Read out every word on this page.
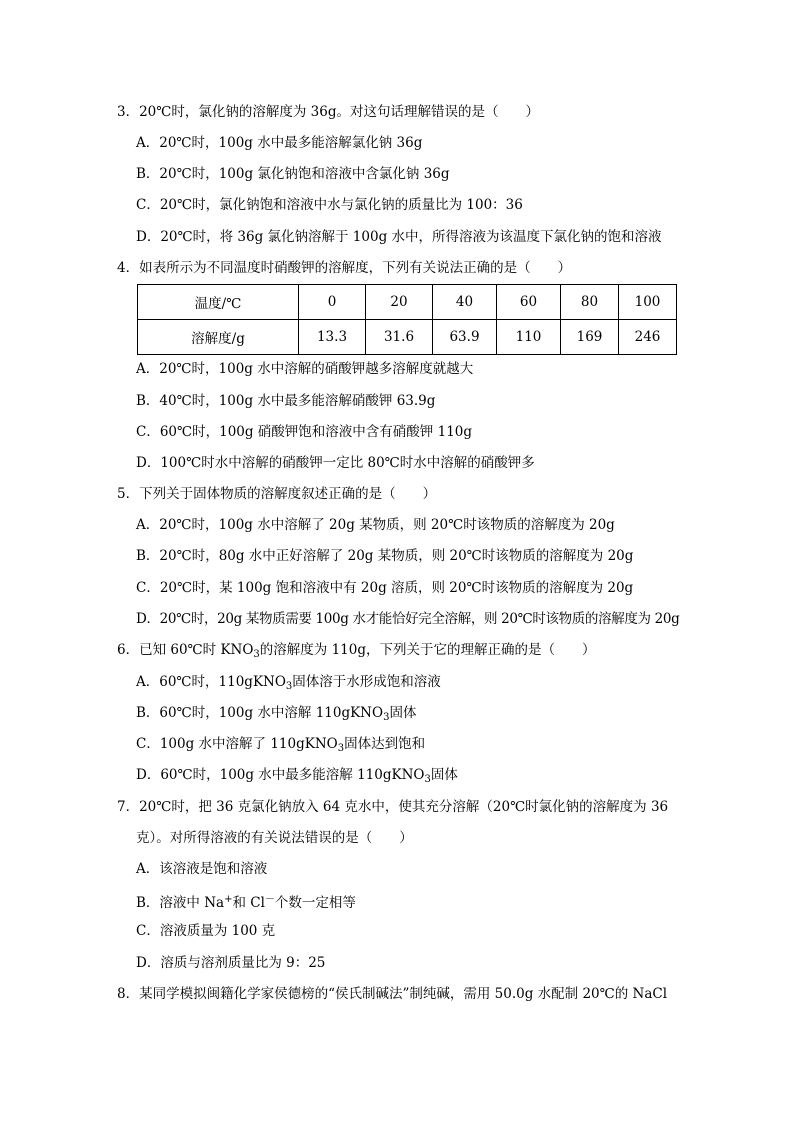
3．20℃时，氯化钠的溶解度为 36g。对这句话理解错误的是（　　）
A．20℃时，100g 水中最多能溶解氯化钠 36g
B．20℃时，100g 氯化钠饱和溶液中含氯化钠 36g
C．20℃时，氯化钠饱和溶液中水与氯化钠的质量比为 100：36
D．20℃时，将 36g 氯化钠溶解于 100g 水中，所得溶液为该温度下氯化钠的饱和溶液
4．如表所示为不同温度时硝酸钾的溶解度，下列有关说法正确的是（　　）
温度/℃	0	20	40	60	80	100
溶解度/g	13.3	31.6	63.9	110	169	246
A．20℃时，100g 水中溶解的硝酸钾越多溶解度就越大
B．40℃时，100g 水中最多能溶解硝酸钾 63.9g
C．60℃时，100g 硝酸钾饱和溶液中含有硝酸钾 110g
D．100℃时水中溶解的硝酸钾一定比 80℃时水中溶解的硝酸钾多
5．下列关于固体物质的溶解度叙述正确的是（　　）
A．20℃时，100g 水中溶解了 20g 某物质，则 20℃时该物质的溶解度为 20g
B．20℃时，80g 水中正好溶解了 20g 某物质，则 20℃时该物质的溶解度为 20g
C．20℃时，某 100g 饱和溶液中有 20g 溶质，则 20℃时该物质的溶解度为 20g
D．20℃时，20g 某物质需要 100g 水才能恰好完全溶解，则 20℃时该物质的溶解度为 20g
6．已知 60℃时 $KNO_3$的溶解度为 110g，下列关于它的理解正确的是（　　）
A．60℃时，110gKNO$_3$固体溶于水形成饱和溶液
B．60℃时，100g 水中溶解 110gKNO$_3$固体
C．100g 水中溶解了 110gKNO$_3$固体达到饱和
D．60℃时，100g 水中最多能溶解 110gKNO$_3$固体
7．20℃时，把 36 克氯化钠放入 64 克水中，使其充分溶解（20℃时氯化钠的溶解度为 36
克）。对所得溶液的有关说法错误的是（　　）
A．该溶液是饱和溶液
B．溶液中 Na+和 Cl－个数一定相等
C．溶液质量为 100 克
D．溶质与溶剂质量比为 9：25
8．某同学模拟闽籍化学家侯德榜的“侯氏制碱法”制纯碱，需用 50.0g 水配制 20℃的 NaCl
